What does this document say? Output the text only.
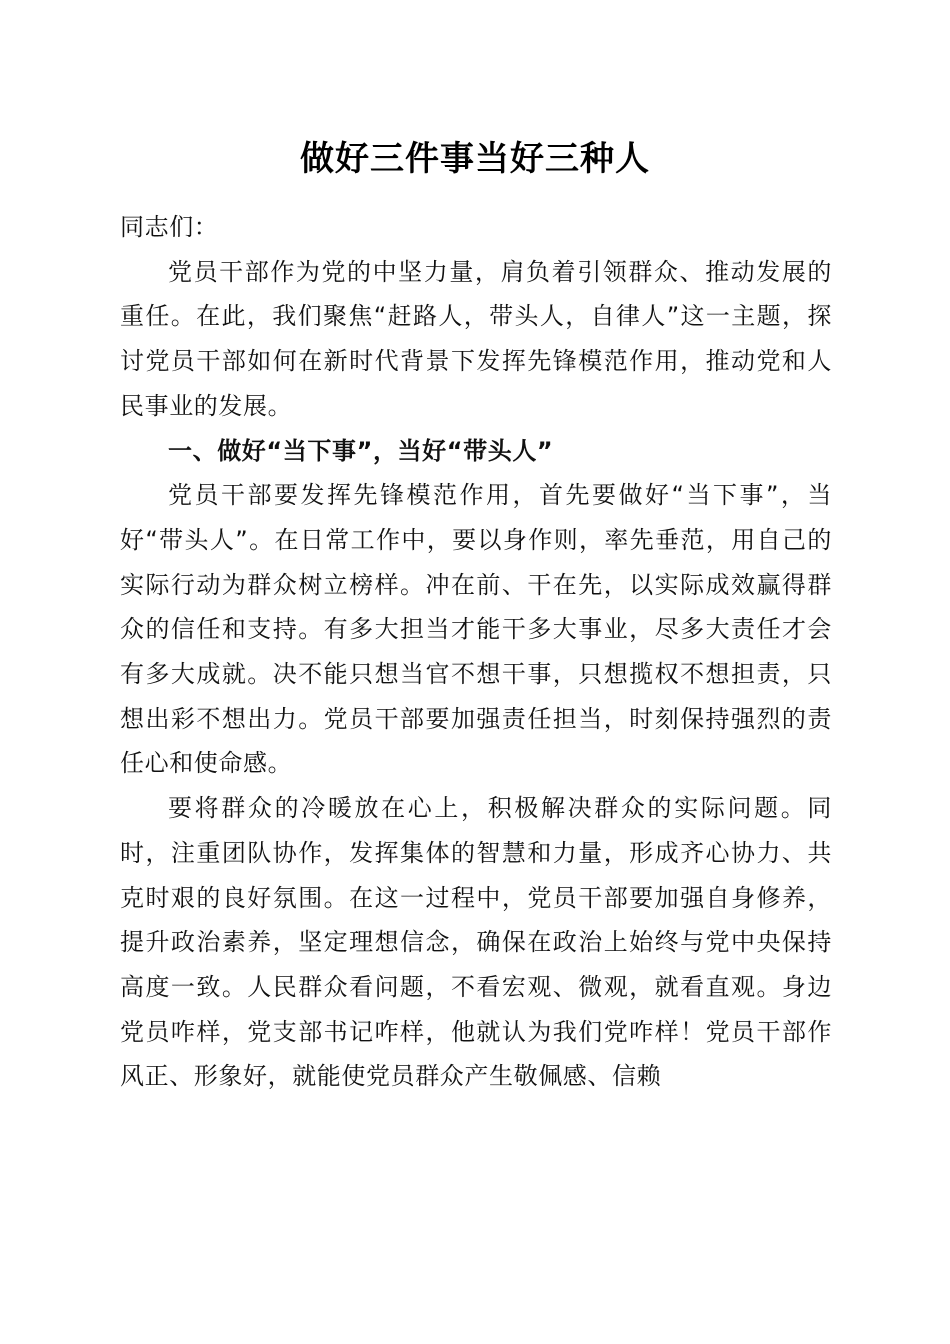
做好三件事当好三种人

同志们：

党员干部作为党的中坚力量，肩负着引领群众、推动发展的重任。在此，我们聚焦“赶路人，带头人，自律人”这一主题，探讨党员干部如何在新时代背景下发挥先锋模范作用，推动党和人民事业的发展。

一、做好“当下事”，当好“带头人”

党员干部要发挥先锋模范作用，首先要做好“当下事”，当好“带头人”。在日常工作中，要以身作则，率先垂范，用自己的实际行动为群众树立榜样。冲在前、干在先，以实际成效赢得群众的信任和支持。有多大担当才能干多大事业，尽多大责任才会有多大成就。决不能只想当官不想干事，只想揽权不想担责，只想出彩不想出力。党员干部要加强责任担当，时刻保持强烈的责任心和使命感。

要将群众的冷暖放在心上，积极解决群众的实际问题。同时，注重团队协作，发挥集体的智慧和力量，形成齐心协力、共克时艰的良好氛围。在这一过程中，党员干部要加强自身修养，提升政治素养，坚定理想信念，确保在政治上始终与党中央保持高度一致。人民群众看问题，不看宏观、微观，就看直观。身边党员咋样，党支部书记咋样，他就认为我们党咋样！党员干部作风正、形象好，就能使党员群众产生敬佩感、信赖
